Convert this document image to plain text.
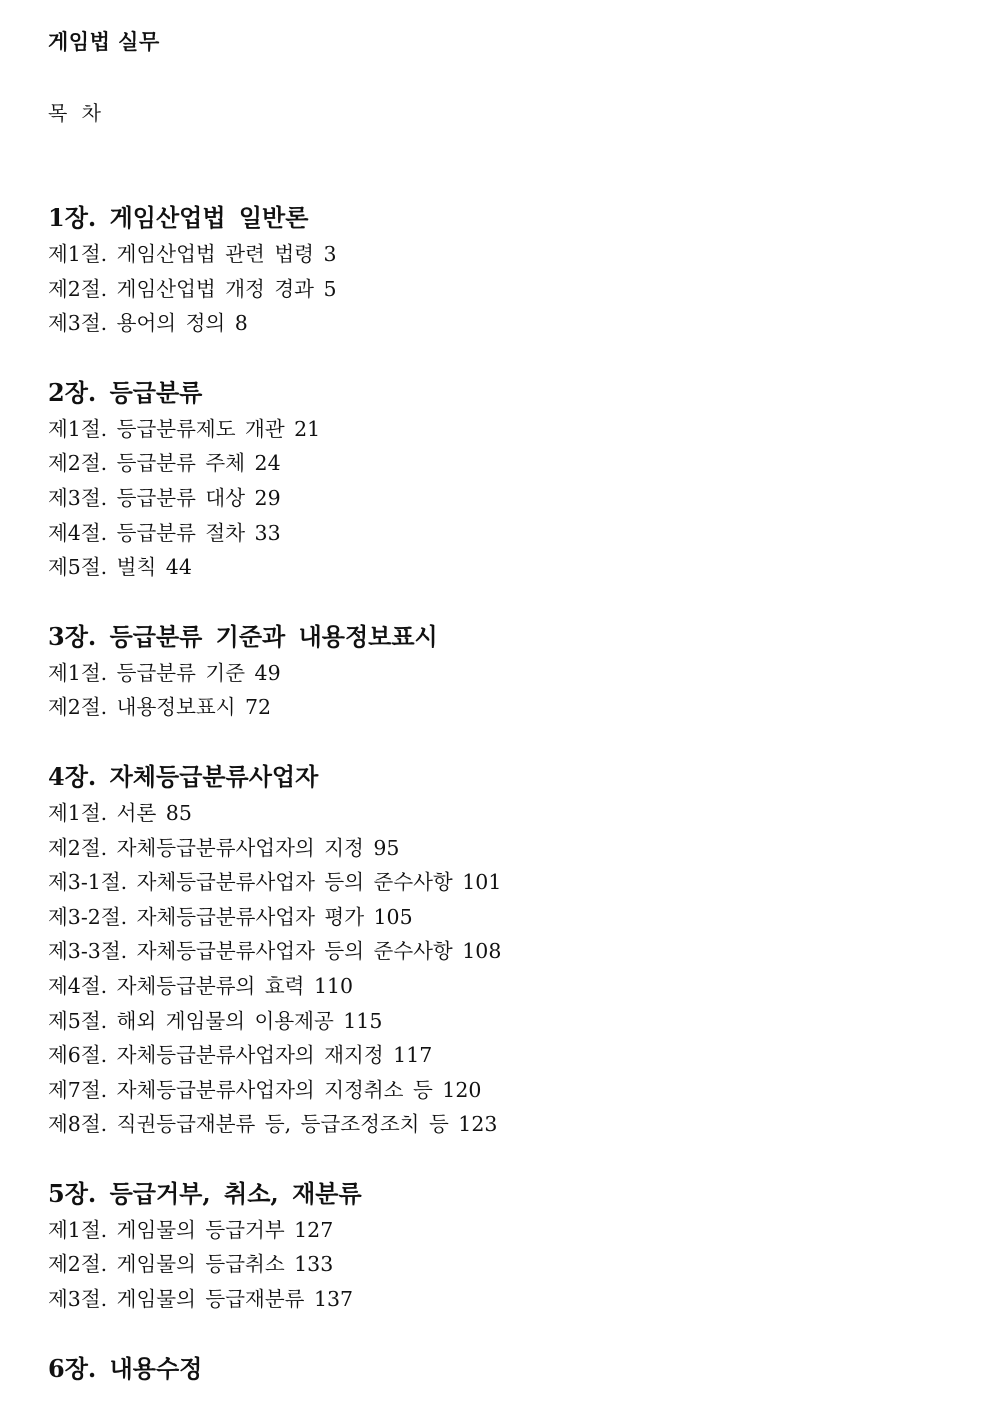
게임법 실무
목 차
1장. 게임산업법 일반론
제1절. 게임산업법 관련 법령 3
제2절. 게임산업법 개정 경과 5
제3절. 용어의 정의 8
2장. 등급분류
제1절. 등급분류제도 개관 21
제2절. 등급분류 주체 24
제3절. 등급분류 대상 29
제4절. 등급분류 절차 33
제5절. 벌칙 44
3장. 등급분류 기준과 내용정보표시
제1절. 등급분류 기준 49
제2절. 내용정보표시 72
4장. 자체등급분류사업자
제1절. 서론 85
제2절. 자체등급분류사업자의 지정 95
제3-1절. 자체등급분류사업자 등의 준수사항 101
제3-2절. 자체등급분류사업자 평가 105
제3-3절. 자체등급분류사업자 등의 준수사항 108
제4절. 자체등급분류의 효력 110
제5절. 해외 게임물의 이용제공 115
제6절. 자체등급분류사업자의 재지정 117
제7절. 자체등급분류사업자의 지정취소 등 120
제8절. 직권등급재분류 등, 등급조정조치 등 123
5장. 등급거부, 취소, 재분류
제1절. 게임물의 등급거부 127
제2절. 게임물의 등급취소 133
제3절. 게임물의 등급재분류 137
6장. 내용수정
